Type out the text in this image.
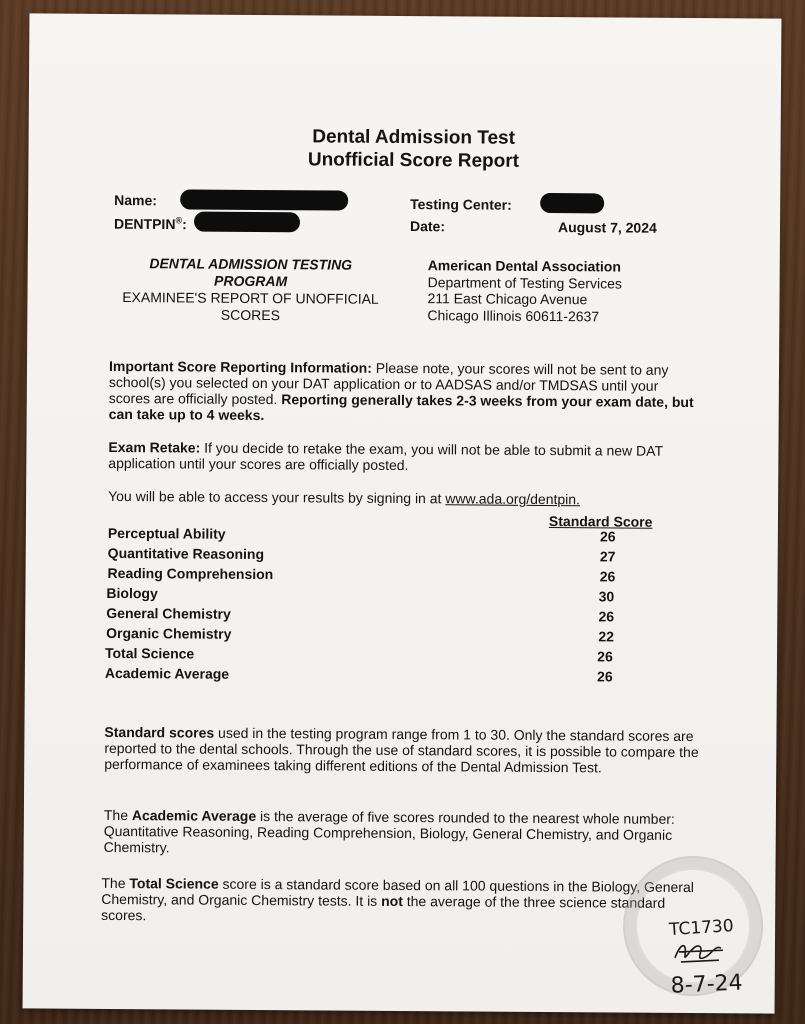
Dental Admission Test
Unofficial Score Report
Name:
DENTPIN®:
Testing Center:
Date:	August 7, 2024
DENTAL ADMISSION TESTING
PROGRAM
EXAMINEE'S REPORT OF UNOFFICIAL
SCORES
American Dental Association
Department of Testing Services
211 East Chicago Avenue
Chicago Illinois 60611-2637
Important Score Reporting Information: Please note, your scores will not be sent to any school(s) you selected on your DAT application or to AADSAS and/or TMDSAS until your scores are officially posted. Reporting generally takes 2-3 weeks from your exam date, but can take up to 4 weeks.
Exam Retake: If you decide to retake the exam, you will not be able to submit a new DAT application until your scores are officially posted.
You will be able to access your results by signing in at www.ada.org/dentpin.
Standard Score
Perceptual Ability	26
Quantitative Reasoning	27
Reading Comprehension	26
Biology	30
General Chemistry	26
Organic Chemistry	22
Total Science	26
Academic Average	26
Standard scores used in the testing program range from 1 to 30. Only the standard scores are reported to the dental schools. Through the use of standard scores, it is possible to compare the performance of examinees taking different editions of the Dental Admission Test.
The Academic Average is the average of five scores rounded to the nearest whole number: Quantitative Reasoning, Reading Comprehension, Biology, General Chemistry, and Organic Chemistry.
The Total Science score is a standard score based on all 100 questions in the Biology, General Chemistry, and Organic Chemistry tests. It is not the average of the three science standard scores.
TC1730
8-7-24
